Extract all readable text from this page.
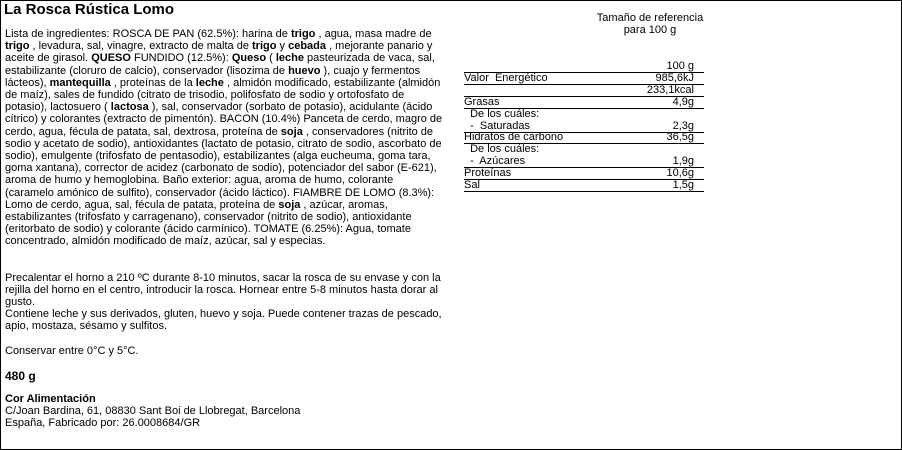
La Rosca Rústica Lomo

Lista de ingredientes: ROSCA DE PAN (62.5%): harina de trigo , agua, masa madre de trigo , levadura, sal, vinagre, extracto de malta de trigo y cebada , mejorante panario y aceite de girasol. QUESO FUNDIDO (12.5%): Queso ( leche pasteurizada de vaca, sal, estabilizante (cloruro de calcio), conservador (lisozima de huevo ), cuajo y fermentos lácteos), mantequilla , proteínas de la leche , almidón modificado, estabilizante (almidón de maíz), sales de fundido (citrato de trisodio, polifosfato de sodio y ortofosfato de potasio), lactosuero ( lactosa ), sal, conservador (sorbato de potasio), acidulante (ácido cítrico) y colorantes (extracto de pimentón). BACON (10.4%) Panceta de cerdo, magro de cerdo, agua, fécula de patata, sal, dextrosa, proteína de soja , conservadores (nitrito de sodio y acetato de sodio), antioxidantes (lactato de potasio, citrato de sodio, ascorbato de sodio), emulgente (trifosfato de pentasodio), estabilizantes (alga eucheuma, goma tara, goma xantana), corrector de acidez (carbonato de sodio), potenciador del sabor (E-621), aroma de humo y hemoglobina. Baño exterior: agua, aroma de humo, colorante (caramelo amónico de sulfito), conservador (ácido láctico). FIAMBRE DE LOMO (8.3%): Lomo de cerdo, agua, sal, fécula de patata, proteína de soja , azúcar, aromas, estabilizantes (trifosfato y carragenano), conservador (nitrito de sodio), antioxidante (eritorbato de sodio) y colorante (ácido carmínico). TOMATE (6.25%): Agua, tomate concentrado, almidón modificado de maíz, azúcar, sal y especias.

Precalentar el horno a 210 ºC durante 8-10 minutos, sacar la rosca de su envase y con la rejilla del horno en el centro, introducir la rosca. Hornear entre 5-8 minutos hasta dorar al gusto.

Contiene leche y sus derivados, gluten, huevo y soja. Puede contener trazas de pescado, apio, mostaza, sésamo y sulfitos.

Conservar entre 0°C y 5°C.

480 g

Cor Alimentación

C/Joan Bardina, 61, 08830 Sant Boi de Llobregat, Barcelona

España, Fabricado por: 26.0008684/GR

Tamaño de referencia
para 100 g
100 g
Valor  Energético	985,6kJ
233,1kcal
Grasas	4,9g
De los cuáles:
-  Saturadas	2,3g
Hidratos de carbono	36,5g
De los cuáles:
-  Azúcares	1,9g
Proteínas	10,6g
Sal	1,5g
